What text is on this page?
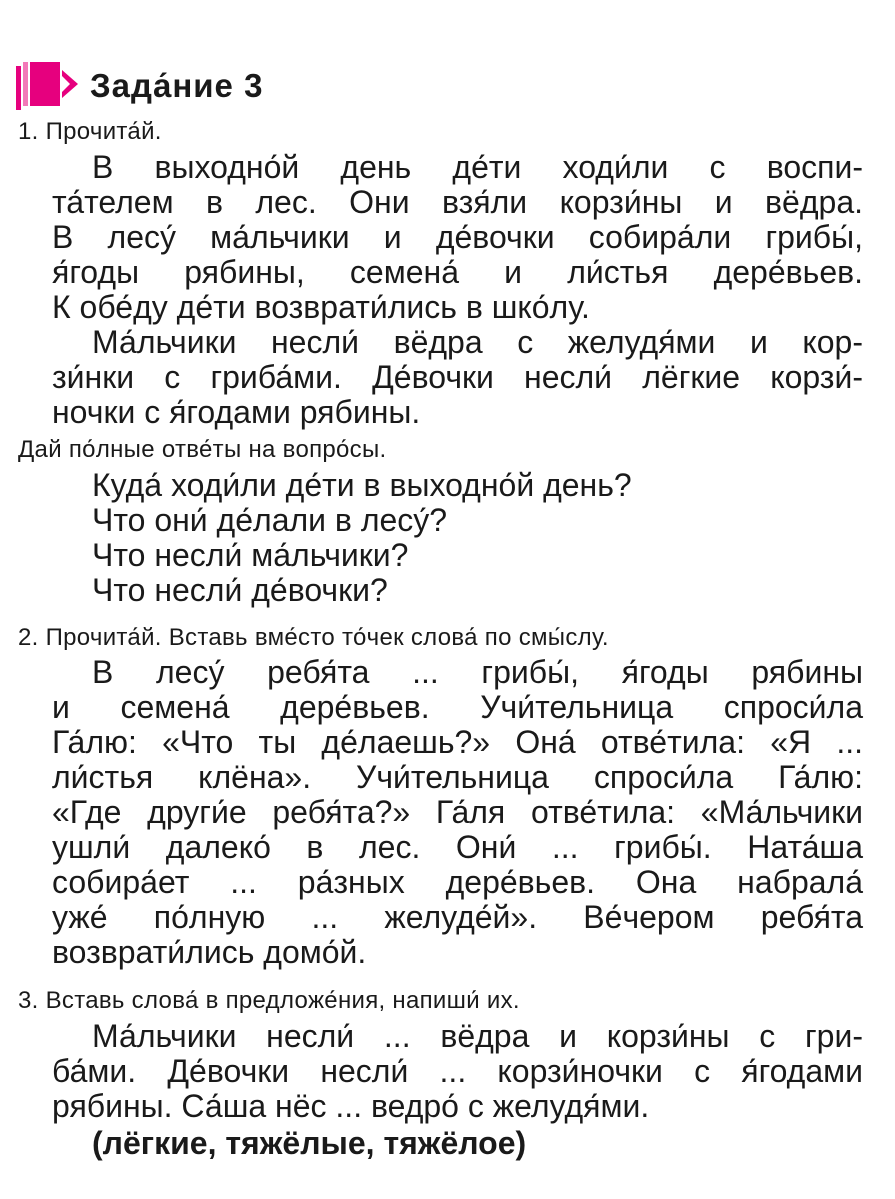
Зада́ние 3
1. Прочита́й.
В выходно́й день де́ти ходи́ли с воспи-
та́телем в лес. Они взя́ли корзи́ны и вёдра.
В лесу́ ма́льчики и де́вочки собира́ли грибы́,
я́годы рябины, семена́ и ли́стья дере́вьев.
К обе́ду де́ти возврати́лись в шко́лу.
Ма́льчики несли́ вёдра с желудя́ми и кор-
зи́нки с гриба́ми. Де́вочки несли́ лёгкие корзи́-
ночки с я́годами рябины.
Дай по́лные отве́ты на вопро́сы.
Куда́ ходи́ли де́ти в выходно́й день?
Что они́ де́лали в лесу́?
Что несли́ ма́льчики?
Что несли́ де́вочки?
2. Прочита́й. Вставь вме́сто то́чек слова́ по смы́слу.
В лесу́ ребя́та ... грибы́, я́годы рябины
и семена́ дере́вьев. Учи́тельница спроси́ла
Га́лю: «Что ты де́лаешь?» Она́ отве́тила: «Я ...
ли́стья клёна». Учи́тельница спроси́ла Га́лю:
«Где други́е ребя́та?» Га́ля отве́тила: «Ма́льчики
ушли́ далеко́ в лес. Они́ ... грибы́. Ната́ша
собира́ет ... ра́зных дере́вьев. Она набрала́
уже́ по́лную ... желуде́й». Ве́чером ребя́та
возврати́лись домо́й.
3. Вставь слова́ в предложе́ния, напиши́ их.
Ма́льчики несли́ ... вёдра и корзи́ны с гри-
ба́ми. Де́вочки несли́ ... корзи́ночки с я́годами
рябины. Са́ша нёс ... ведро́ с желудя́ми.
(лёгкие, тяжёлые, тяжёлое)
